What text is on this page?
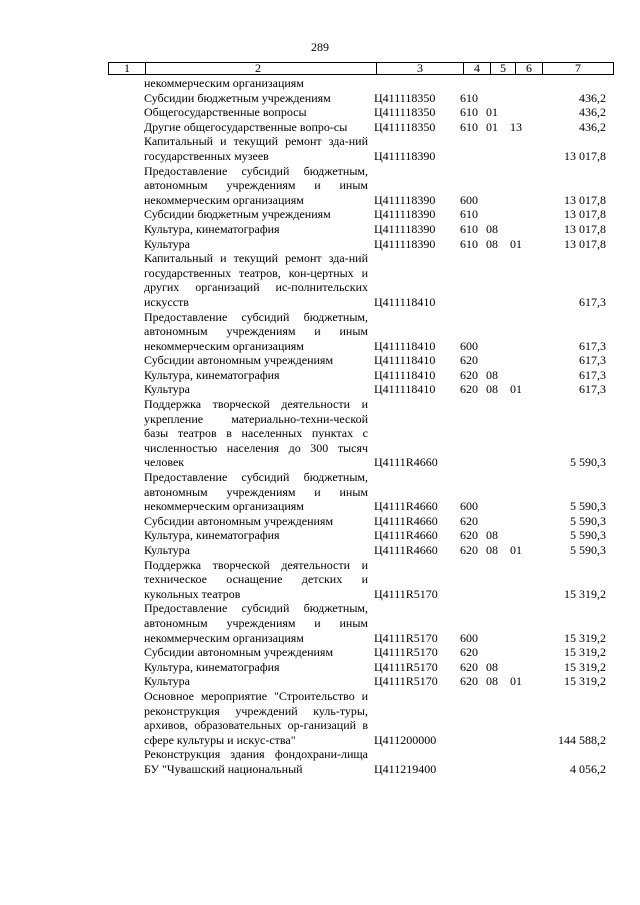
289
1	2	3	4	5	6	7
	некоммерческим организациям					
	Субсидии бюджетным учреждениям	Ц411118350	610			436,2
	Общегосударственные вопросы	Ц411118350	610	01		436,2
	Другие общегосударственные вопро-сы	Ц411118350	610	01	13	436,2
	Капитальный и текущий ремонт зда-ний государственных музеев	Ц411118390				13 017,8
	Предоставление субсидий бюджетным, автономным учреждениям и иным некоммерческим организациям	Ц411118390	600			13 017,8
	Субсидии бюджетным учреждениям	Ц411118390	610			13 017,8
	Культура, кинематография	Ц411118390	610	08		13 017,8
	Культура	Ц411118390	610	08	01	13 017,8
	Капитальный и текущий ремонт зда-ний государственных театров, кон-цертных и других организаций ис-полнительских искусств	Ц411118410				617,3
	Предоставление субсидий бюджетным, автономным учреждениям и иным некоммерческим организациям	Ц411118410	600			617,3
	Субсидии автономным учреждениям	Ц411118410	620			617,3
	Культура, кинематография	Ц411118410	620	08		617,3
	Культура	Ц411118410	620	08	01	617,3
	Поддержка творческой деятельности и укрепление материально-техни-ческой базы театров в населенных пунктах с численностью населения до 300 тысяч человек	Ц4111R4660				5 590,3
	Предоставление субсидий бюджетным, автономным учреждениям и иным некоммерческим организациям	Ц4111R4660	600			5 590,3
	Субсидии автономным учреждениям	Ц4111R4660	620			5 590,3
	Культура, кинематография	Ц4111R4660	620	08		5 590,3
	Культура	Ц4111R4660	620	08	01	5 590,3
	Поддержка творческой деятельности и техническое оснащение детских и кукольных театров	Ц4111R5170				15 319,2
	Предоставление субсидий бюджетным, автономным учреждениям и иным некоммерческим организациям	Ц4111R5170	600			15 319,2
	Субсидии автономным учреждениям	Ц4111R5170	620			15 319,2
	Культура, кинематография	Ц4111R5170	620	08		15 319,2
	Культура	Ц4111R5170	620	08	01	15 319,2
	Основное мероприятие "Строительство и реконструкция учреждений куль-туры, архивов, образовательных ор-ганизаций в сфере культуры и искус-ства"	Ц411200000				144 588,2
	Реконструкция здания фондохрани-лища БУ "Чувашский национальный	Ц411219400				4 056,2
